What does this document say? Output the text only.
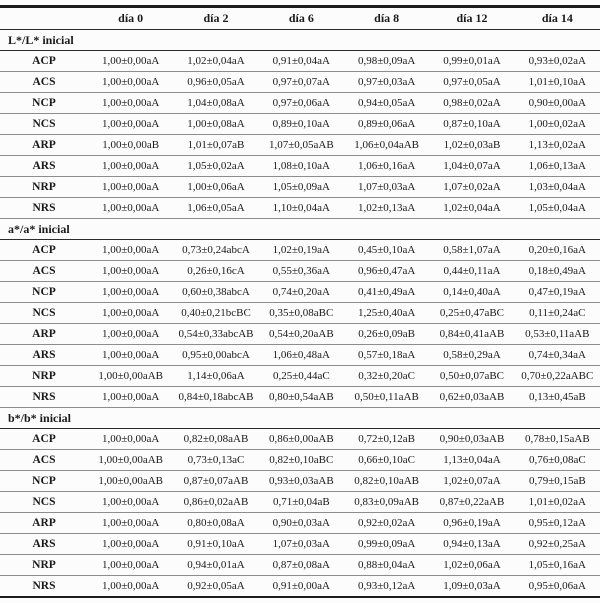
	día 0	día 2	día 6	día 8	día 12	día 14
L*/L* inicial						
ACP	1,00±0,00aA	1,02±0,04aA	0,91±0,04aA	0,98±0,09aA	0,99±0,01aA	0,93±0,02aA
ACS	1,00±0,00aA	0,96±0,05aA	0,97±0,07aA	0,97±0,03aA	0,97±0,05aA	1,01±0,10aA
NCP	1,00±0,00aA	1,04±0,08aA	0,97±0,06aA	0,94±0,05aA	0,98±0,02aA	0,90±0,00aA
NCS	1,00±0,00aA	1,00±0,08aA	0,89±0,10aA	0,89±0,06aA	0,87±0,10aA	1,00±0,02aA
ARP	1,00±0,00aB	1,01±0,07aB	1,07±0,05aAB	1,06±0,04aAB	1,02±0,03aB	1,13±0,02aA
ARS	1,00±0,00aA	1,05±0,02aA	1,08±0,10aA	1,06±0,16aA	1,04±0,07aA	1,06±0,13aA
NRP	1,00±0,00aA	1,00±0,06aA	1,05±0,09aA	1,07±0,03aA	1,07±0,02aA	1,03±0,04aA
NRS	1,00±0,00aA	1,06±0,05aA	1,10±0,04aA	1,02±0,13aA	1,02±0,04aA	1,05±0,04aA
a*/a* inicial						
ACP	1,00±0,00aA	0,73±0,24abcA	1,02±0,19aA	0,45±0,10aA	0,58±1,07aA	0,20±0,16aA
ACS	1,00±0,00aA	0,26±0,16cA	0,55±0,36aA	0,96±0,47aA	0,44±0,11aA	0,18±0,49aA
NCP	1,00±0,00aA	0,60±0,38abcA	0,74±0,20aA	0,41±0,49aA	0,14±0,40aA	0,47±0,19aA
NCS	1,00±0,00aA	0,40±0,21bcBC	0,35±0,08aBC	1,25±0,40aA	0,25±0,47aBC	0,11±0,24aC
ARP	1,00±0,00aA	0,54±0,33abcAB	0,54±0,20aAB	0,26±0,09aB	0,84±0,41aAB	0,53±0,11aAB
ARS	1,00±0,00aA	0,95±0,00abcA	1,06±0,48aA	0,57±0,18aA	0,58±0,29aA	0,74±0,34aA
NRP	1,00±0,00aAB	1,14±0,06aA	0,25±0,44aC	0,32±0,20aC	0,50±0,07aBC	0,70±0,22aABC
NRS	1,00±0,00aA	0,84±0,18abcAB	0,80±0,54aAB	0,50±0,11aAB	0,62±0,03aAB	0,13±0,45aB
b*/b* inicial						
ACP	1,00±0,00aA	0,82±0,08aAB	0,86±0,00aAB	0,72±0,12aB	0,90±0,03aAB	0,78±0,15aAB
ACS	1,00±0,00aAB	0,73±0,13aC	0,82±0,10aBC	0,66±0,10aC	1,13±0,04aA	0,76±0,08aC
NCP	1,00±0,00aAB	0,87±0,07aAB	0,93±0,03aAB	0,82±0,10aAB	1,02±0,07aA	0,79±0,15aB
NCS	1,00±0,00aA	0,86±0,02aAB	0,71±0,04aB	0,83±0,09aAB	0,87±0,22aAB	1,01±0,02aA
ARP	1,00±0,00aA	0,80±0,08aA	0,90±0,03aA	0,92±0,02aA	0,96±0,19aA	0,95±0,12aA
ARS	1,00±0,00aA	0,91±0,10aA	1,07±0,03aA	0,99±0,09aA	0,94±0,13aA	0,92±0,25aA
NRP	1,00±0,00aA	0,94±0,01aA	0,87±0,08aA	0,88±0,04aA	1,02±0,06aA	1,05±0,16aA
NRS	1,00±0,00aA	0,92±0,05aA	0,91±0,00aA	0,93±0,12aA	1,09±0,03aA	0,95±0,06aA
